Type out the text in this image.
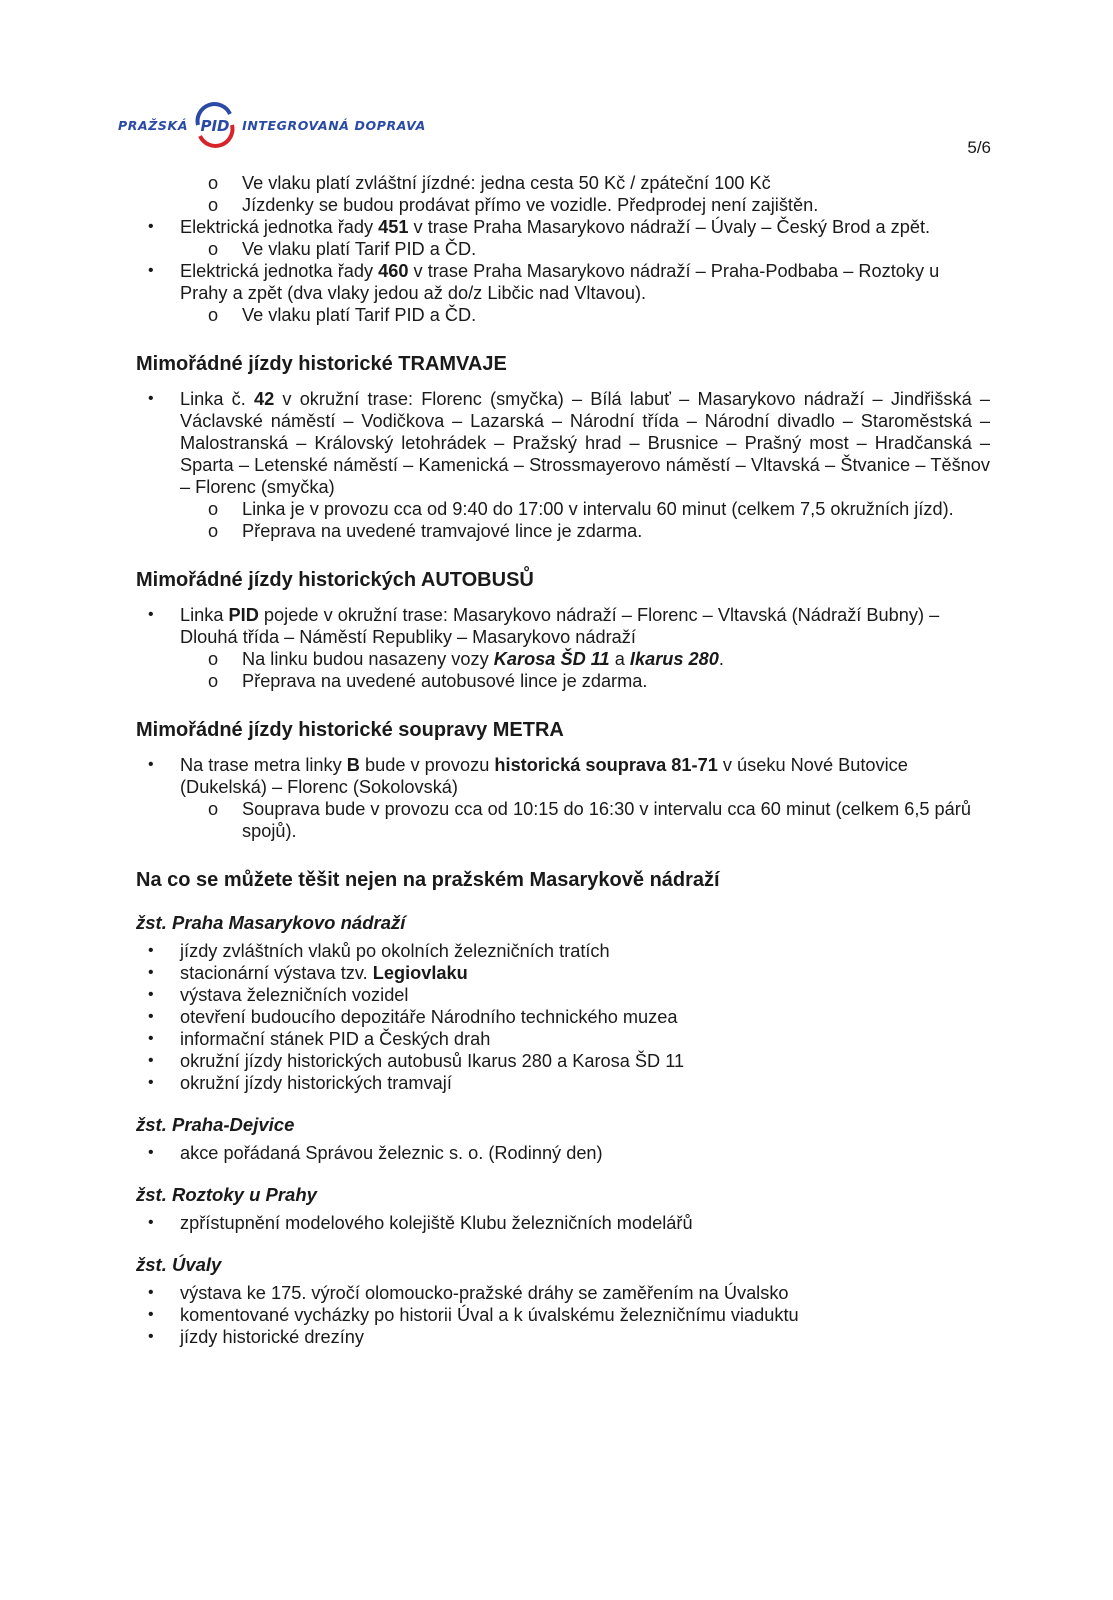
PRAŽSKÁ PID INTEGROVANÁ DOPRAVA
5/6
o Ve vlaku platí zvláštní jízdné: jedna cesta 50 Kč / zpáteční 100 Kč
o Jízdenky se budou prodávat přímo ve vozidle. Předprodej není zajištěn.
• Elektrická jednotka řady 451 v trase Praha Masarykovo nádraží – Úvaly – Český Brod a zpět.
o Ve vlaku platí Tarif PID a ČD.
• Elektrická jednotka řady 460 v trase Praha Masarykovo nádraží – Praha-Podbaba – Roztoky u Prahy a zpět (dva vlaky jedou až do/z Libčic nad Vltavou).
o Ve vlaku platí Tarif PID a ČD.
Mimořádné jízdy historické TRAMVAJE
• Linka č. 42 v okružní trase: Florenc (smyčka) – Bílá labuť – Masarykovo nádraží – Jindřišská – Václavské náměstí – Vodičkova – Lazarská – Národní třída – Národní divadlo – Staroměstská – Malostranská – Královský letohrádek – Pražský hrad – Brusnice – Prašný most – Hradčanská – Sparta – Letenské náměstí – Kamenická – Strossmayerovo náměstí – Vltavská – Štvanice – Těšnov – Florenc (smyčka)
o Linka je v provozu cca od 9:40 do 17:00 v intervalu 60 minut (celkem 7,5 okružních jízd).
o Přeprava na uvedené tramvajové lince je zdarma.
Mimořádné jízdy historických AUTOBUSŮ
• Linka PID pojede v okružní trase: Masarykovo nádraží – Florenc – Vltavská (Nádraží Bubny) – Dlouhá třída – Náměstí Republiky – Masarykovo nádraží
o Na linku budou nasazeny vozy Karosa ŠD 11 a Ikarus 280.
o Přeprava na uvedené autobusové lince je zdarma.
Mimořádné jízdy historické soupravy METRA
• Na trase metra linky B bude v provozu historická souprava 81-71 v úseku Nové Butovice (Dukelská) – Florenc (Sokolovská)
o Souprava bude v provozu cca od 10:15 do 16:30 v intervalu cca 60 minut (celkem 6,5 párů spojů).
Na co se můžete těšit nejen na pražském Masarykově nádraží
žst. Praha Masarykovo nádraží
• jízdy zvláštních vlaků po okolních železničních tratích
• stacionární výstava tzv. Legiovlaku
• výstava železničních vozidel
• otevření budoucího depozitáře Národního technického muzea
• informační stánek PID a Českých drah
• okružní jízdy historických autobusů Ikarus 280 a Karosa ŠD 11
• okružní jízdy historických tramvají
žst. Praha-Dejvice
• akce pořádaná Správou železnic s. o. (Rodinný den)
žst. Roztoky u Prahy
• zpřístupnění modelového kolejiště Klubu železničních modelářů
žst. Úvaly
• výstava ke 175. výročí olomoucko-pražské dráhy se zaměřením na Úvalsko
• komentované vycházky po historii Úval a k úvalskému železničnímu viaduktu
• jízdy historické drezíny
